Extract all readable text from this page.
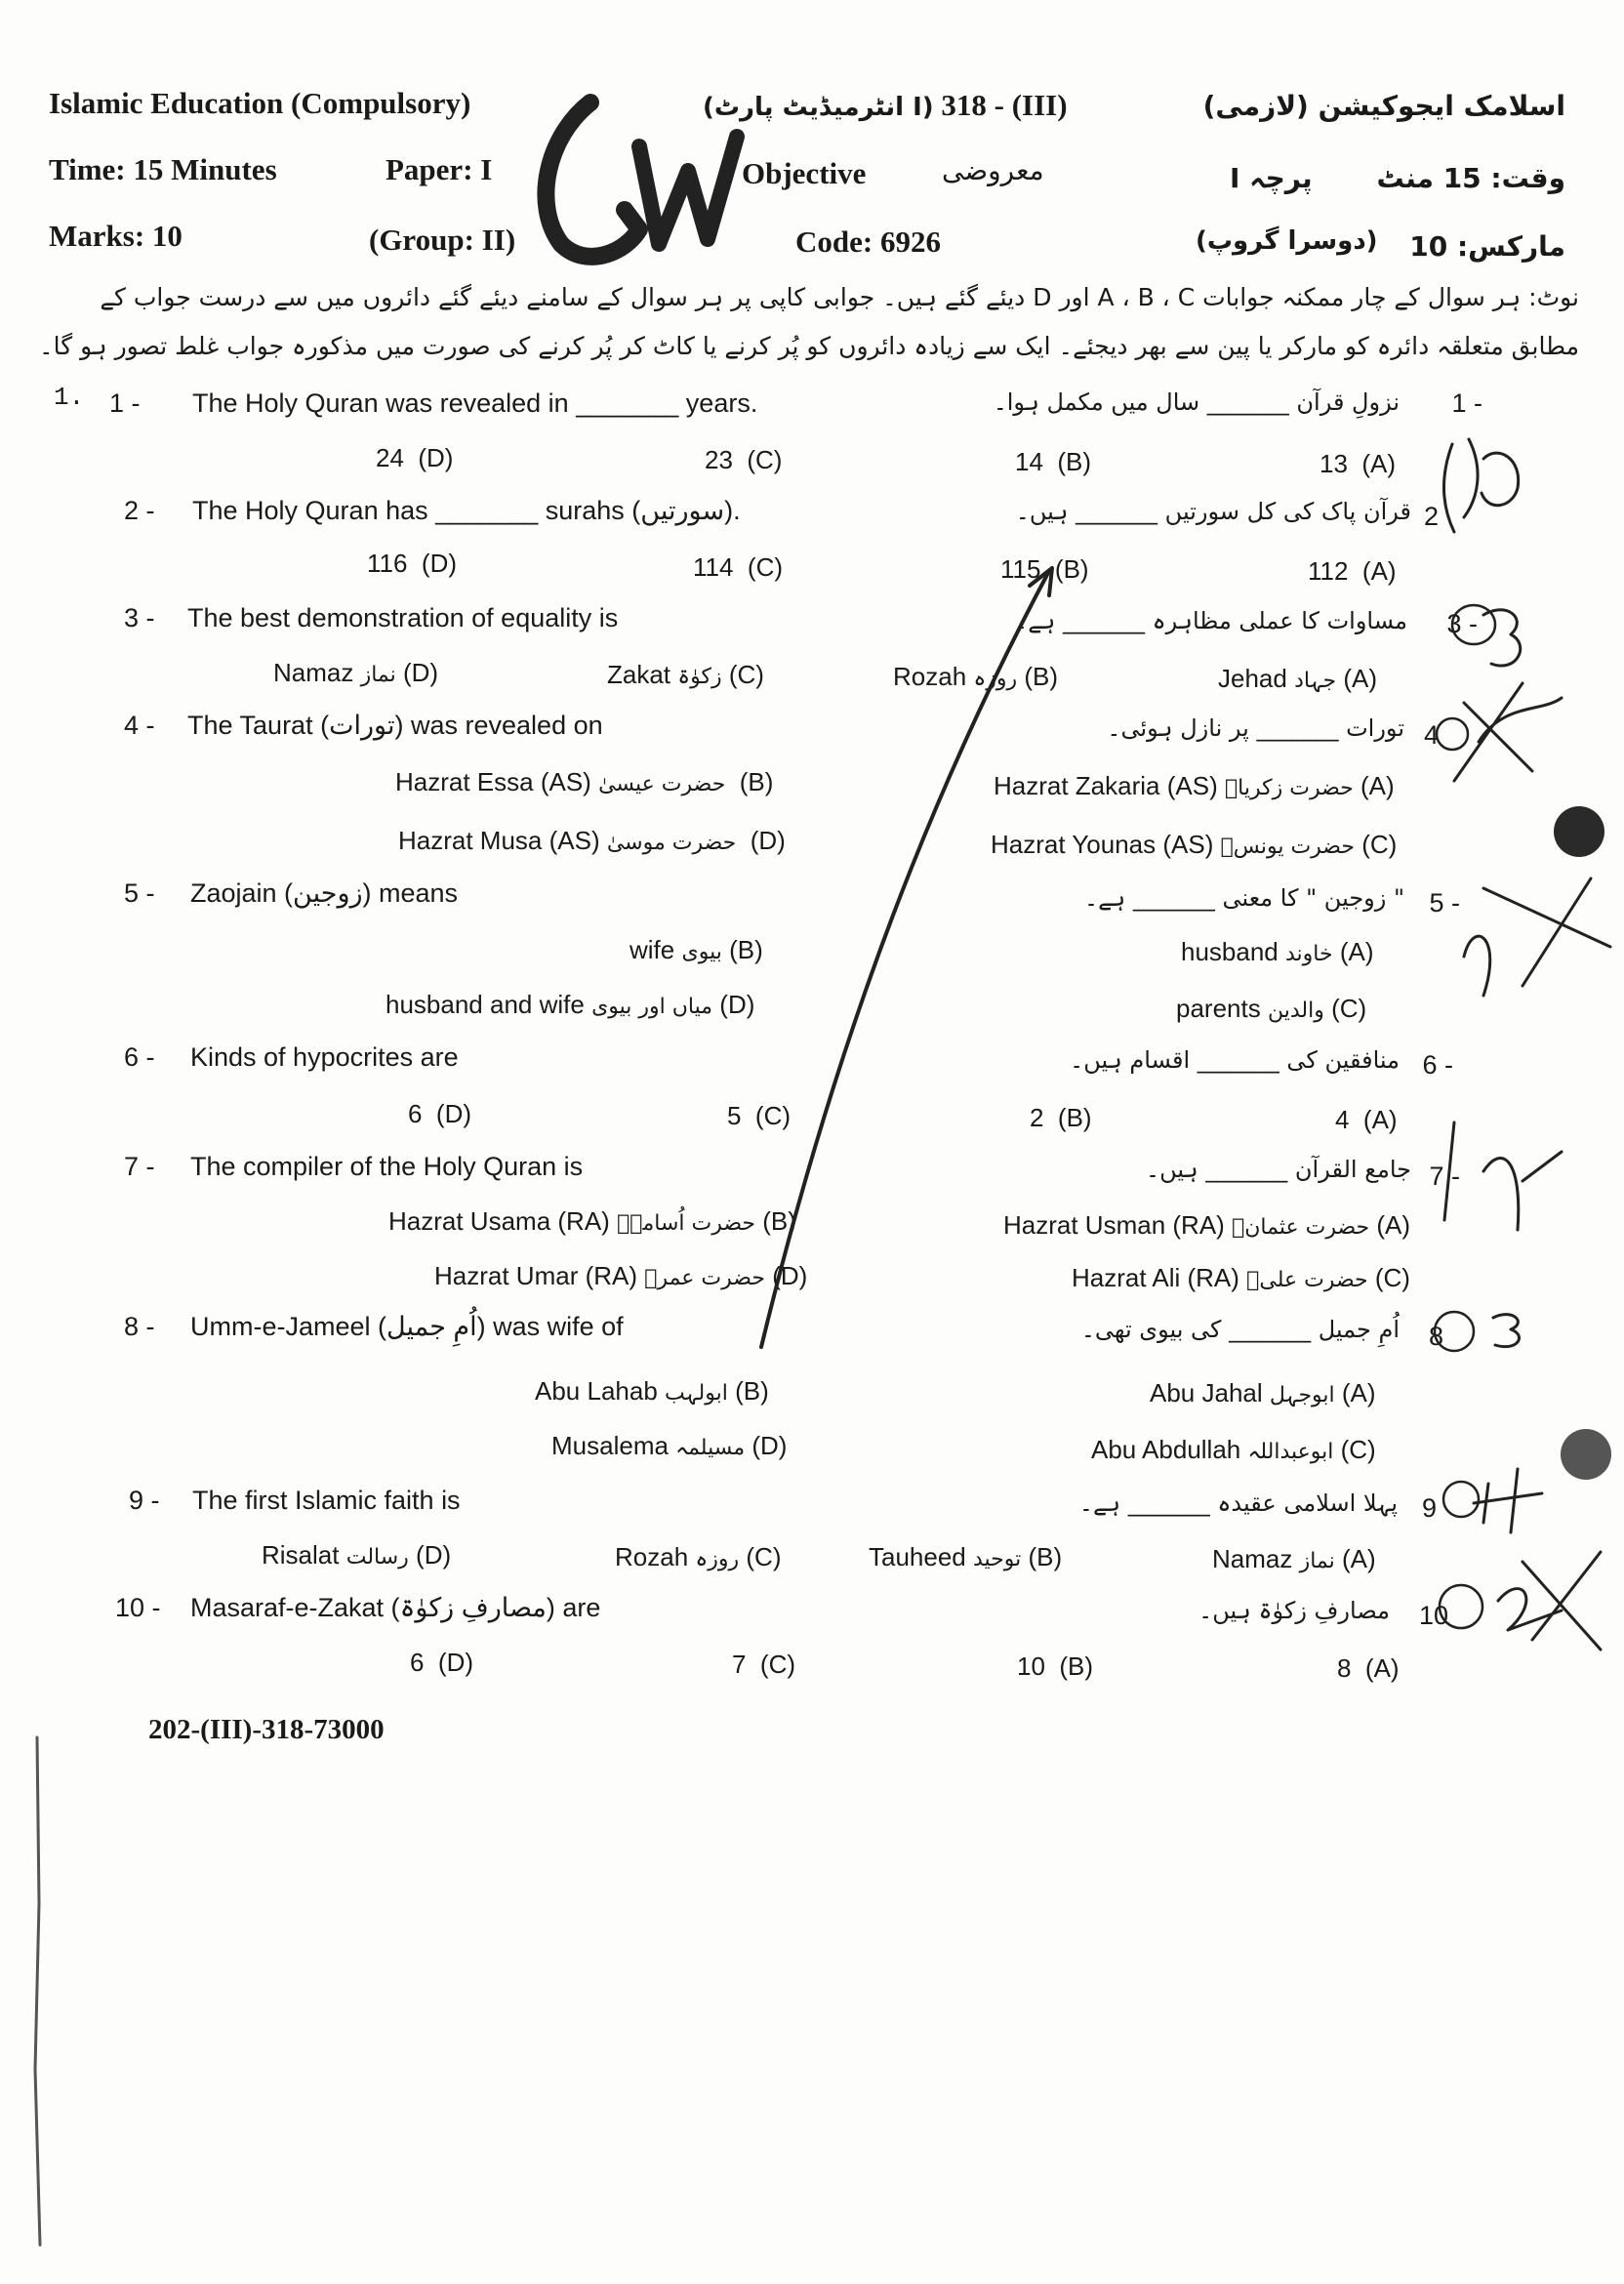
Islamic Education (Compulsory)	(انٹرمیڈیٹ پارٹ I) 318 - (III)	اسلامک ایجوکیشن (لازمی)
Time: 15 Minutes	Paper: I	Objective	معروضی	پرچہ I وقت: 15 منٹ
Marks: 10	(Group: II)	Code: 6926	(دوسرا گروپ) مارکس: 10
نوٹ: ہر سوال کے چار ممکنہ جوابات A ، B ، C اور D دیئے گئے ہیں۔ جوابی کاپی پر ہر سوال کے سامنے دیئے گئے دائروں میں سے درست جواب کے
مطابق متعلقہ دائرہ کو مارکر یا پین سے بھر دیجئے۔ ایک سے زیادہ دائروں کو پُر کرنے یا کاٹ کر پُر کرنے کی صورت میں مذکورہ جواب غلط تصور ہو گا۔
1. 1 - The Holy Quran was revealed in _______ years.	نزولِ قرآن _______ سال میں مکمل ہوا۔ 1 -
24 (D)	23 (C)	14 (B)	13 (A)
2 - The Holy Quran has _______ surahs (سورتیں).	قرآن پاک کی کل سورتیں _______ ہیں۔ 2
116 (D)	114 (C)	115 (B)	112 (A)
3 - The best demonstration of equality is	مساوات کا عملی مظاہرہ _______ ہے۔ 3 -
Namaz نماز (D)	Zakat زکوٰۃ (C)	Rozah روزہ (B)	Jehad جہاد (A)
4 - The Taurat (تورات) was revealed on	تورات _______ پر نازل ہوئی۔ 4
Hazrat Essa (AS) حضرت عیسیٰ (B)	Hazrat Zakaria (AS) حضرت زکریاؑ (A)
Hazrat Musa (AS) حضرت موسیٰ (D)	Hazrat Younas (AS) حضرت یونسؑ (C)
5 - Zaojain (زوجین) means	" زوجین " کا معنی _______ ہے۔ 5 -
wife بیوی (B)	husband خاوند (A)
husband and wife میاں اور بیوی (D)	parents والدین (C)
6 - Kinds of hypocrites are	منافقین کی _______ اقسام ہیں۔ 6 -
6 (D)	5 (C)	2 (B)	4 (A)
7 - The compiler of the Holy Quran is	جامع القرآن _______ ہیں۔ 7 -
Hazrat Usama (RA) حضرت اُسامہؓ (B)	Hazrat Usman (RA) حضرت عثمانؓ (A)
Hazrat Umar (RA) حضرت عمرؓ (D)	Hazrat Ali (RA) حضرت علیؓ (C)
8 - Umm-e-Jameel (اُمِ جمیل) was wife of	اُمِ جمیل _______ کی بیوی تھی۔ 8
Abu Lahab ابولہب (B)	Abu Jahal ابوجہل (A)
Musalema مسیلمہ (D)	Abu Abdullah ابوعبداللہ (C)
9 - The first Islamic faith is	پہلا اسلامی عقیدہ _______ ہے۔ 9
Risalat رسالت (D)	Rozah روزہ (C)	Tauheed توحید (B)	Namaz نماز (A)
10 - Masaraf-e-Zakat (مصارفِ زکوٰۃ) are	مصارفِ زکوٰۃ ہیں۔ 10
6 (D)	7 (C)	10 (B)	8 (A)
202-(III)-318-73000
